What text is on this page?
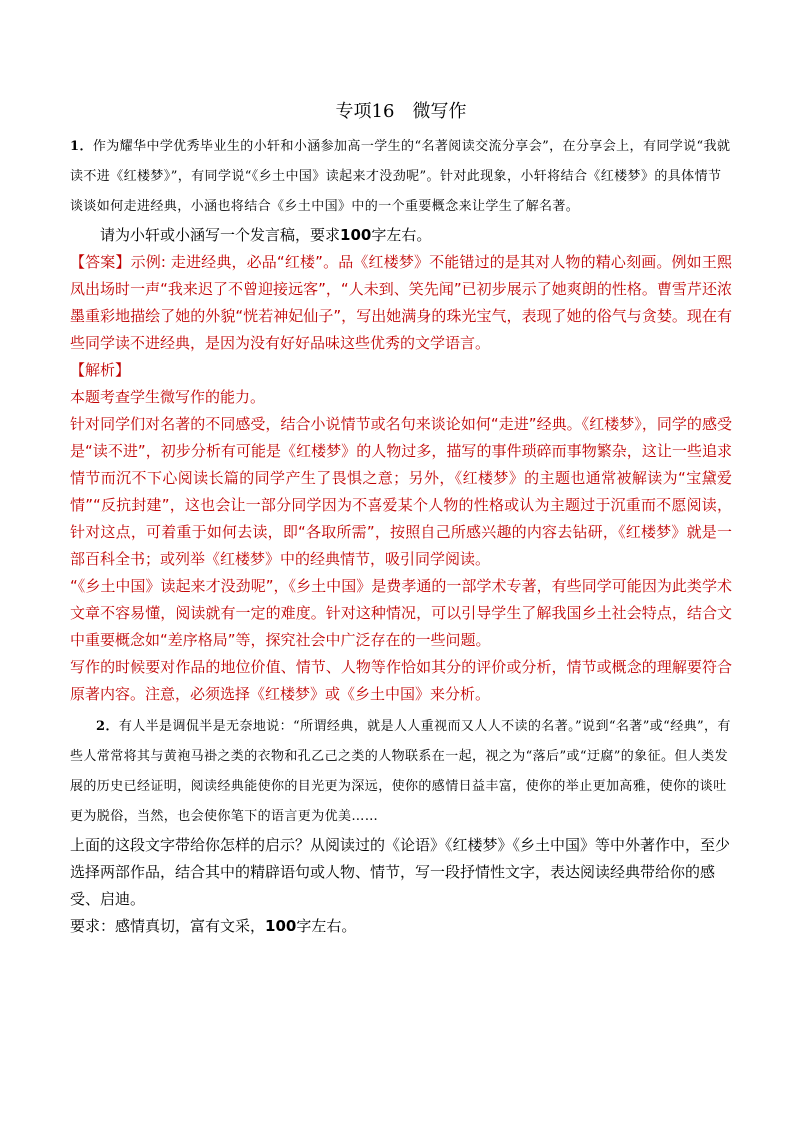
专项16　微写作

1．作为耀华中学优秀毕业生的小轩和小涵参加高一学生的“名著阅读交流分享会”，在分享会上，有同学说“我就读不进《红楼梦》”，有同学说“《乡土中国》读起来才没劲呢”。针对此现象，小轩将结合《红楼梦》的具体情节谈谈如何走进经典，小涵也将结合《乡土中国》中的一个重要概念来让学生了解名著。

请为小轩或小涵写一个发言稿，要求100字左右。

【答案】示例: 走进经典，必品“红楼”。品《红楼梦》不能错过的是其对人物的精心刻画。例如王熙凤出场时一声“我来迟了不曾迎接远客”，“人未到、笑先闻”已初步展示了她爽朗的性格。曹雪芹还浓墨重彩地描绘了她的外貌“恍若神妃仙子”，写出她满身的珠光宝气，表现了她的俗气与贪婪。现在有些同学读不进经典，是因为没有好好品味这些优秀的文学语言。

【解析】

本题考查学生微写作的能力。

针对同学们对名著的不同感受，结合小说情节或名句来谈论如何“走进”经典。《红楼梦》，同学的感受是“读不进”，初步分析有可能是《红楼梦》的人物过多，描写的事件琐碎而事物繁杂，这让一些追求情节而沉不下心阅读长篇的同学产生了畏惧之意；另外，《红楼梦》的主题也通常被解读为“宝黛爱情”“反抗封建”，这也会让一部分同学因为不喜爱某个人物的性格或认为主题过于沉重而不愿阅读，针对这点，可着重于如何去读，即“各取所需”，按照自己所感兴趣的内容去钻研，《红楼梦》就是一部百科全书；或列举《红楼梦》中的经典情节，吸引同学阅读。

“《乡土中国》读起来才没劲呢”，《乡土中国》是费孝通的一部学术专著，有些同学可能因为此类学术文章不容易懂，阅读就有一定的难度。针对这种情况，可以引导学生了解我国乡土社会特点，结合文中重要概念如“差序格局”等，探究社会中广泛存在的一些问题。

写作的时候要对作品的地位价值、情节、人物等作恰如其分的评价或分析，情节或概念的理解要符合原著内容。注意，必须选择《红楼梦》或《乡土中国》来分析。

2．有人半是调侃半是无奈地说：“所谓经典，就是人人重视而又人人不读的名著。”说到“名著”或“经典”，有些人常常将其与黄袍马褂之类的衣物和孔乙己之类的人物联系在一起，视之为“落后”或“迂腐”的象征。但人类发展的历史已经证明，阅读经典能使你的目光更为深远，使你的感情日益丰富，使你的举止更加高雅，使你的谈吐更为脱俗，当然，也会使你笔下的语言更为优美……

上面的这段文字带给你怎样的启示？从阅读过的《论语》《红楼梦》《乡土中国》等中外著作中，至少选择两部作品，结合其中的精辟语句或人物、情节，写一段抒情性文字，表达阅读经典带给你的感受、启迪。

要求：感情真切，富有文采，100字左右。
